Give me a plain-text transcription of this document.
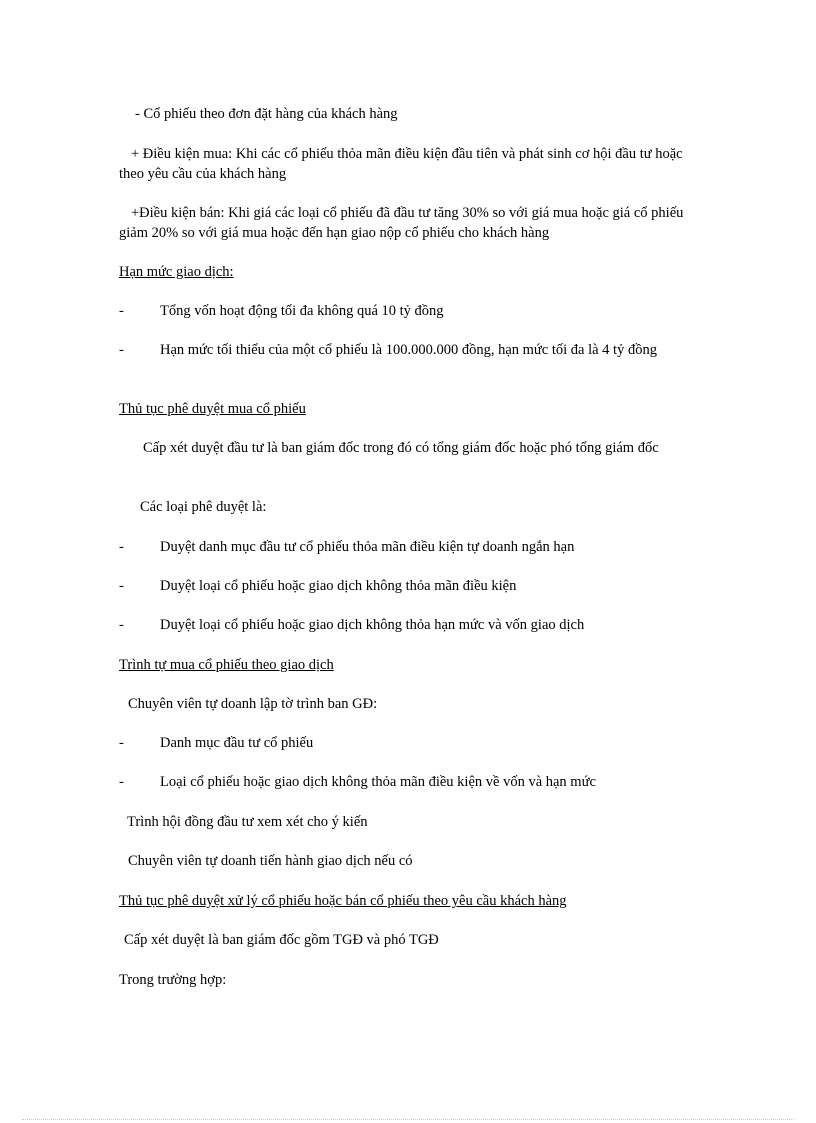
- Cổ phiếu theo đơn đặt hàng của khách hàng
+ Điều kiện mua: Khi các cổ phiếu thỏa mãn điều kiện đầu tiên và phát sinh cơ hội đầu tư hoặc theo yêu cầu của khách hàng
+Điều kiện bán: Khi giá các loại cổ phiếu đã đầu tư tăng 30% so với giá mua hoặc giá cổ phiếu giảm 20% so với giá mua hoặc đến hạn giao nộp cổ phiếu cho khách hàng
Hạn mức giao dịch:
-	Tổng vốn hoạt động tối đa không quá 10 tỷ đồng
-	Hạn mức tối thiểu của một cổ phiếu là 100.000.000 đồng, hạn mức tối đa là 4 tỷ đồng
Thủ tục phê duyệt mua cổ phiếu
Cấp xét duyệt đầu tư là ban giám đốc trong đó có tổng giám đốc hoặc phó tổng giám đốc
Các loại phê duyệt là:
-	Duyệt danh mục đầu tư cổ phiếu thỏa mãn điều kiện tự doanh ngắn hạn
-	Duyệt loại cổ phiếu hoặc giao dịch không thỏa mãn điều kiện
-	Duyệt loại cổ phiếu hoặc giao dịch không thỏa hạn mức và vốn giao dịch
Trình tự mua cổ phiếu theo giao dịch
Chuyên viên tự doanh lập tờ trình ban GĐ:
-	Danh mục đầu tư cổ phiếu
-	Loại cổ phiếu hoặc giao dịch không thỏa mãn điều kiện về vốn và hạn mức
Trình hội đồng đầu tư xem xét cho ý kiến
Chuyên viên tự doanh tiến hành giao dịch nếu có
Thủ tục phê duyệt xử lý cổ phiếu hoặc bán cổ phiếu theo yêu cầu khách hàng
Cấp xét duyệt là ban giám đốc gồm TGĐ và phó TGĐ
Trong trường hợp:
